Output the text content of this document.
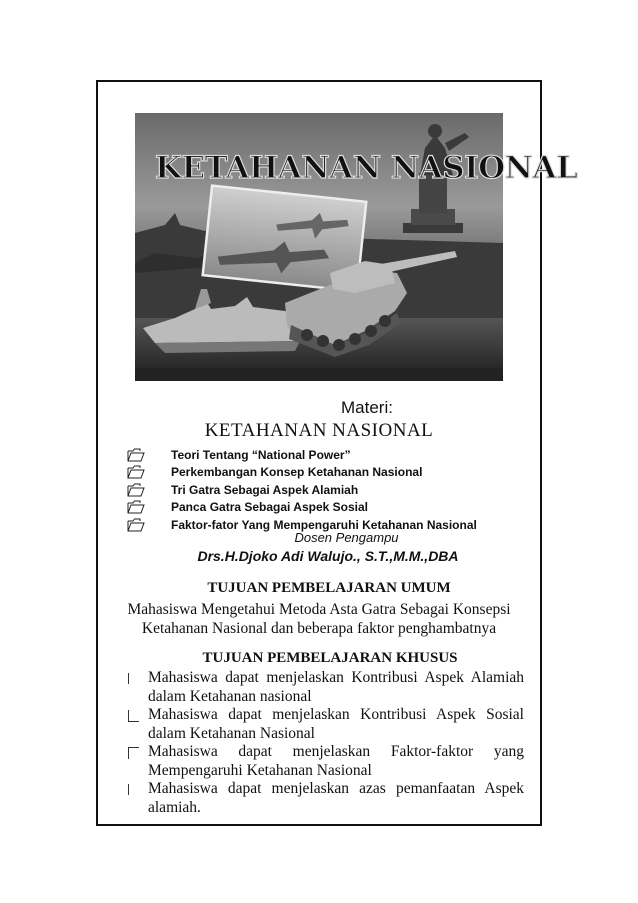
KETAHANAN NASIONAL
Materi:
KETAHANAN NASIONAL
Teori Tentang “National Power”
Perkembangan Konsep Ketahanan Nasional
Tri Gatra Sebagai Aspek Alamiah
Panca Gatra Sebagai Aspek Sosial
Faktor-fator Yang Mempengaruhi Ketahanan Nasional
Dosen Pengampu
Drs.H.Djoko Adi Walujo., S.T.,M.M.,DBA
TUJUAN PEMBELAJARAN UMUM
Mahasiswa Mengetahui Metoda Asta Gatra Sebagai Konsepsi
Ketahanan Nasional dan beberapa faktor penghambatnya
TUJUAN PEMBELAJARAN KHUSUS
Mahasiswa dapat menjelaskan Kontribusi Aspek Alamiah
dalam Ketahanan nasional
Mahasiswa dapat menjelaskan Kontribusi Aspek Sosial
dalam Ketahanan Nasional
Mahasiswa dapat menjelaskan Faktor-faktor yang
Mempengaruhi Ketahanan Nasional
Mahasiswa dapat menjelaskan azas pemanfaatan Aspek
alamiah.
